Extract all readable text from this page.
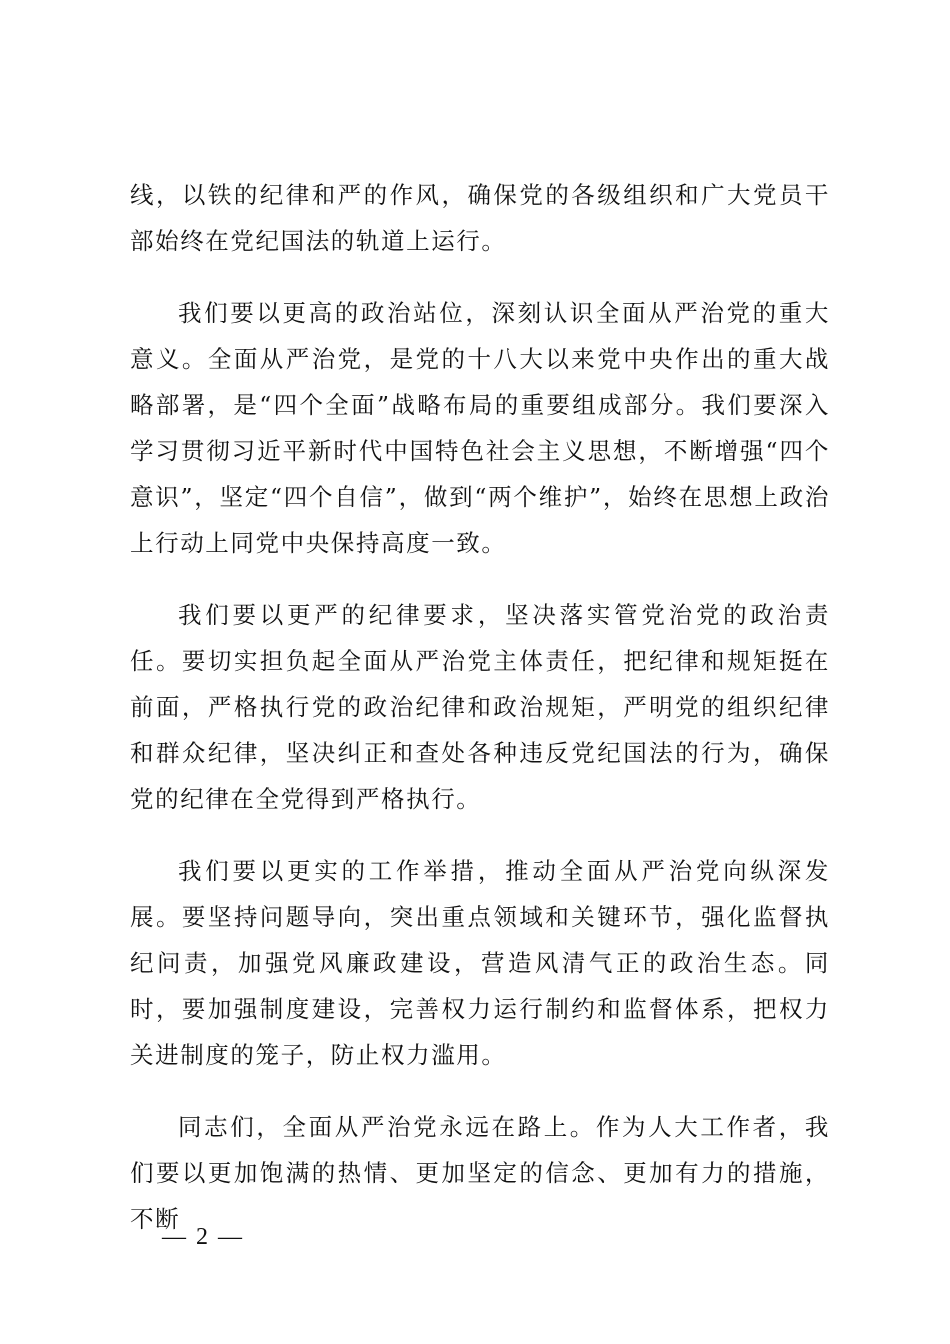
线，以铁的纪律和严的作风，确保党的各级组织和广大党员干部始终在党纪国法的轨道上运行。

我们要以更高的政治站位，深刻认识全面从严治党的重大意义。全面从严治党，是党的十八大以来党中央作出的重大战略部署，是“四个全面”战略布局的重要组成部分。我们要深入学习贯彻习近平新时代中国特色社会主义思想，不断增强“四个意识”，坚定“四个自信”，做到“两个维护”，始终在思想上政治上行动上同党中央保持高度一致。

我们要以更严的纪律要求，坚决落实管党治党的政治责任。要切实担负起全面从严治党主体责任，把纪律和规矩挺在前面，严格执行党的政治纪律和政治规矩，严明党的组织纪律和群众纪律，坚决纠正和查处各种违反党纪国法的行为，确保党的纪律在全党得到严格执行。

我们要以更实的工作举措，推动全面从严治党向纵深发展。要坚持问题导向，突出重点领域和关键环节，强化监督执纪问责，加强党风廉政建设，营造风清气正的政治生态。同时，要加强制度建设，完善权力运行制约和监督体系，把权力关进制度的笼子，防止权力滥用。

同志们，全面从严治党永远在路上。作为人大工作者，我们要以更加饱满的热情、更加坚定的信念、更加有力的措施，不断

— 2 —
